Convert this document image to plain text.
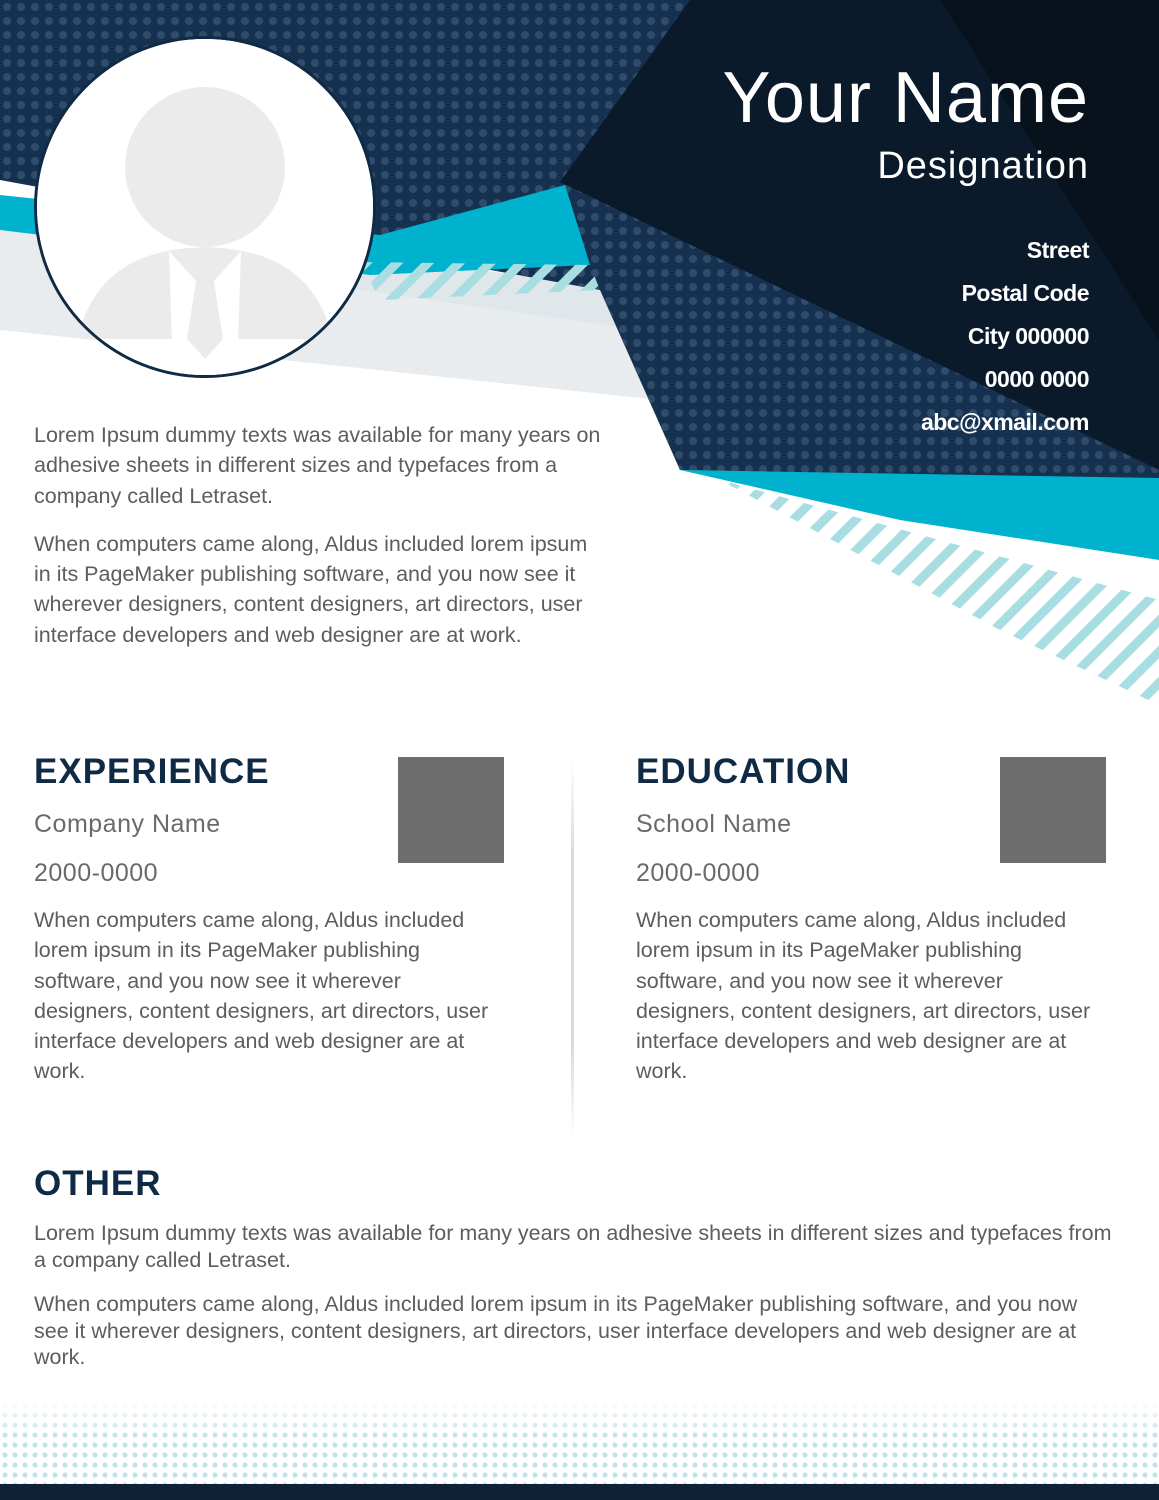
Your Name
Designation
Street
Postal Code
City 000000
0000 0000
abc@xmail.com

Lorem Ipsum dummy texts was available for many years on adhesive sheets in different sizes and typefaces from a company called Letraset.

When computers came along, Aldus included lorem ipsum in its PageMaker publishing software, and you now see it wherever designers, content designers, art directors, user interface developers and web designer are at work.

EXPERIENCE
Company Name
2000-0000
When computers came along, Aldus included lorem ipsum in its PageMaker publishing software, and you now see it wherever designers, content designers, art directors, user interface developers and web designer are at work.
EDUCATION
School Name
2000-0000
When computers came along, Aldus included lorem ipsum in its PageMaker publishing software, and you now see it wherever designers, content designers, art directors, user interface developers and web designer are at work.
OTHER

Lorem Ipsum dummy texts was available for many years on adhesive sheets in different sizes and typefaces from a company called Letraset.

When computers came along, Aldus included lorem ipsum in its PageMaker publishing software, and you now see it wherever designers, content designers, art directors, user interface developers and web designer are at work.
